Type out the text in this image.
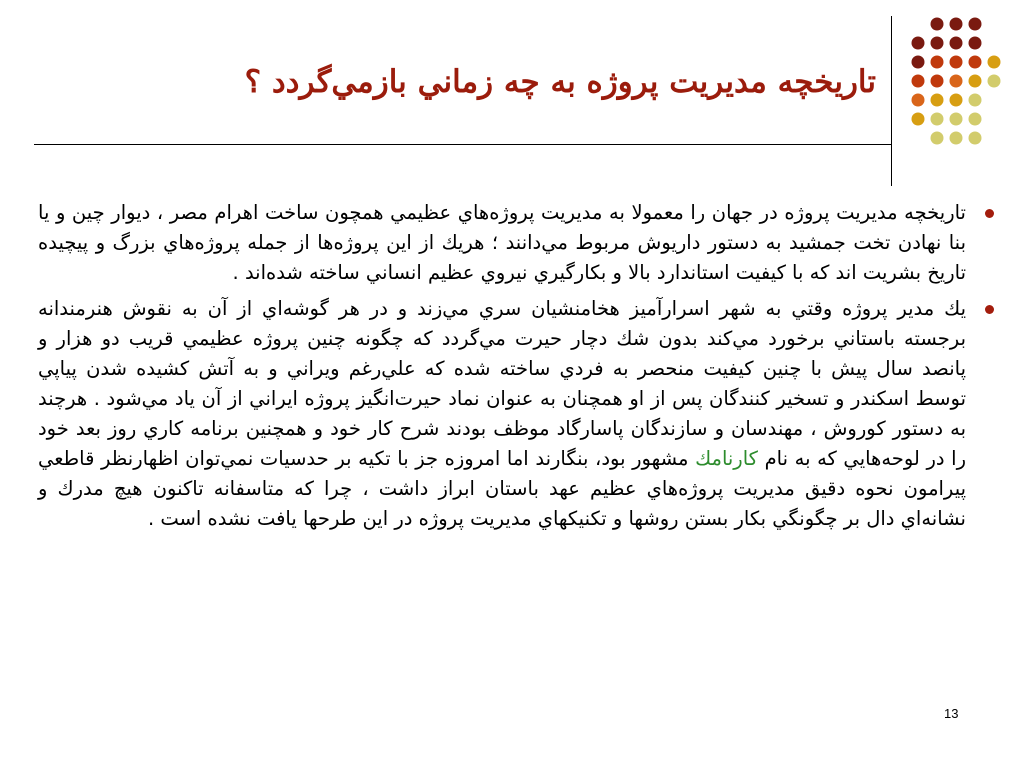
تاريخچه مديريت پروژه به چه زماني بازمي‌گردد ؟
تاريخچه مديريت پروژه در جهان را معمولا به مديريت پروژه‌هاي عظيمي همچون ساخت اهرام مصر ، ديوار چين و يا بنا نهادن تخت جمشيد به دستور داريوش مربوط مي‌دانند ؛ هريك از اين پروژه‌ها از جمله پروژه‌هاي بزرگ و پيچيده تاريخ بشريت اند كه با كيفيت استاندارد بالا و بكارگيري نيروي عظيم انساني ساخته شده‌اند .
يك مدير پروژه وقتي به شهر اسرارآميز هخامنشيان سري مي‌زند و در هر گوشه‌اي از آن به نقوش هنرمندانه برجسته باستاني برخورد مي‌كند بدون شك دچار حيرت مي‌گردد كه چگونه چنين پروژه عظيمي قريب دو هزار و پانصد سال پيش با چنين كيفيت منحصر به فردي ساخته شده كه علي‌رغم ويراني و به آتش كشيده شدن پياپي توسط اسكندر و تسخير كنندگان پس از او همچنان به عنوان نماد حيرت‌انگيز پروژه ايراني از آن ياد مي‌شود . هرچند به دستور كوروش ، مهندسان و سازندگان پاسارگاد موظف بودند شرح كار خود و همچنين برنامه كاري روز بعد خود را در لوحه‌هايي كه به نام كارنامك مشهور بود، بنگارند اما امروزه جز با تكيه بر حدسيات نمي‌توان اظهارنظر قاطعي پيرامون نحوه دقيق مديريت پروژه‌هاي عظيم عهد باستان ابراز داشت ، چرا كه متاسفانه تاكنون هيچ مدرك و نشانه‌اي دال بر چگونگي بكار بستن روشها و تكنيكهاي مديريت پروژه در اين طرحها يافت نشده است .
13
